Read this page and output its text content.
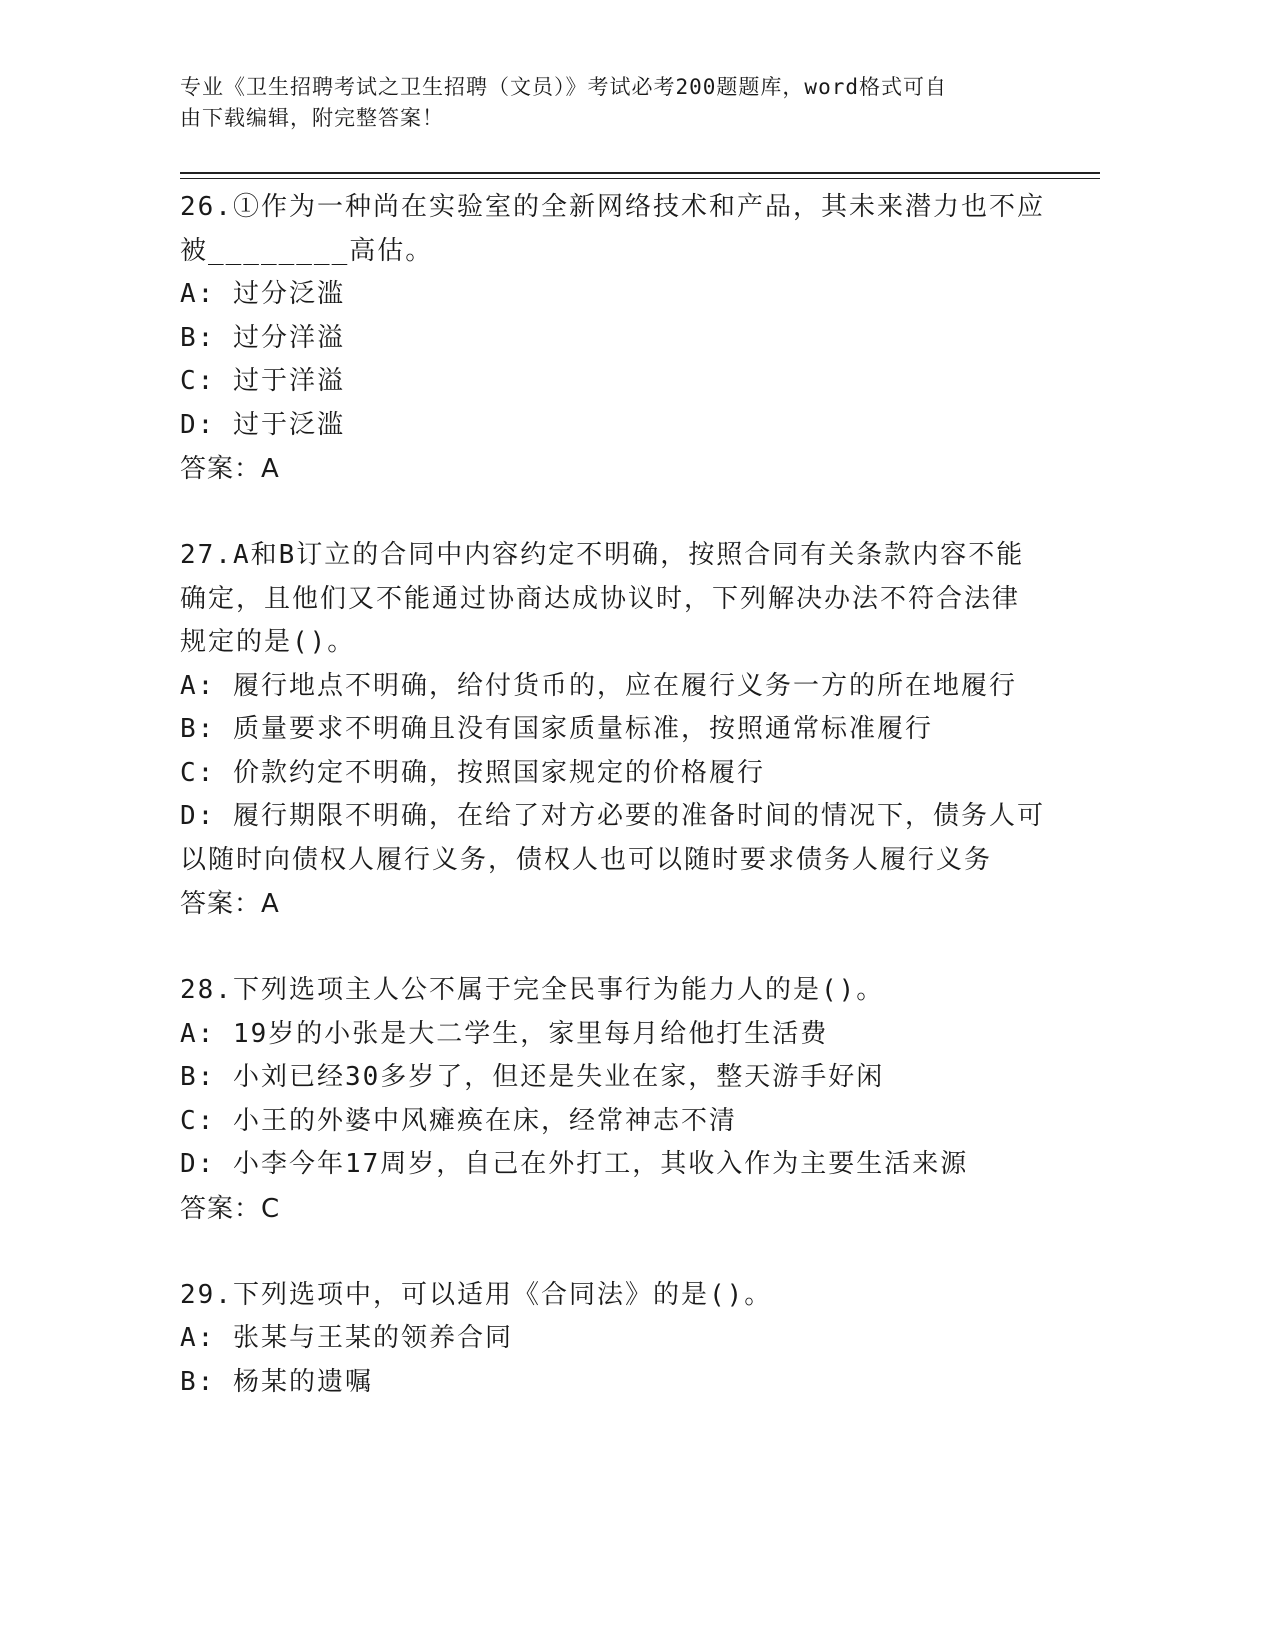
专业《卫生招聘考试之卫生招聘（文员）》考试必考200题题库，word格式可自
由下载编辑，附完整答案！
26.①作为一种尚在实验室的全新网络技术和产品，其未来潜力也不应
被________高估。
A: 过分泛滥
B: 过分洋溢
C: 过于洋溢
D: 过于泛滥
答案：A
27.A和B订立的合同中内容约定不明确，按照合同有关条款内容不能
确定，且他们又不能通过协商达成协议时，下列解决办法不符合法律
规定的是()。
A: 履行地点不明确，给付货币的，应在履行义务一方的所在地履行
B: 质量要求不明确且没有国家质量标准，按照通常标准履行
C: 价款约定不明确，按照国家规定的价格履行
D: 履行期限不明确，在给了对方必要的准备时间的情况下，债务人可
以随时向债权人履行义务，债权人也可以随时要求债务人履行义务
答案：A
28.下列选项主人公不属于完全民事行为能力人的是()。
A: 19岁的小张是大二学生，家里每月给他打生活费
B: 小刘已经30多岁了，但还是失业在家，整天游手好闲
C: 小王的外婆中风瘫痪在床，经常神志不清
D: 小李今年17周岁，自己在外打工，其收入作为主要生活来源
答案：C
29.下列选项中，可以适用《合同法》的是()。
A: 张某与王某的领养合同
B: 杨某的遗嘱
